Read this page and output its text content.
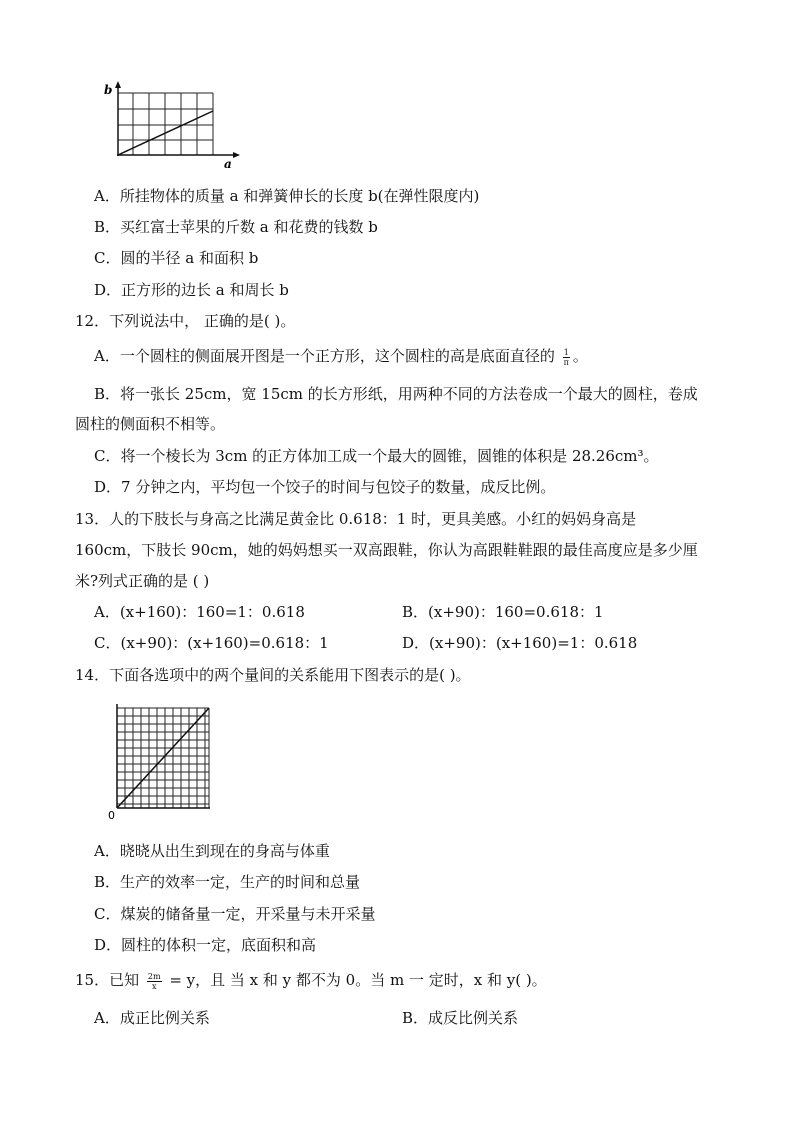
b
a
A．所挂物体的质量 a 和弹簧伸长的长度 b(在弹性限度内)
B．买红富士苹果的斤数 a 和花费的钱数 b
C．圆的半径 a 和面积 b
D．正方形的边长 a 和周长 b
12．下列说法中， 正确的是( )。
A．一个圆柱的侧面展开图是一个正方形，这个圆柱的高是底面直径的 $\frac{1}{\pi}$ 。
B．将一张长 25cm，宽 15cm 的长方形纸，用两种不同的方法卷成一个最大的圆柱，卷成
圆柱的侧面积不相等。
C．将一个棱长为 3cm 的正方体加工成一个最大的圆锥，圆锥的体积是 28.26cm³。
D．7 分钟之内，平均包一个饺子的时间与包饺子的数量，成反比例。
13．人的下肢长与身高之比满足黄金比 0.618：1 时，更具美感。小红的妈妈身高是
160cm，下肢长 90cm，她的妈妈想买一双高跟鞋，你认为高跟鞋鞋跟的最佳高度应是多少厘
米?列式正确的是 ( )
A．(x+160)：160=1：0.618	B．(x+90)：160=0.618：1
C．(x+90)：(x+160)=0.618：1	D．(x+90)：(x+160)=1：0.618
14．下面各选项中的两个量间的关系能用下图表示的是( )。
0
A．晓晓从出生到现在的身高与体重
B．生产的效率一定，生产的时间和总量
C．煤炭的储备量一定，开采量与未开采量
D．圆柱的体积一定，底面积和高
15．已知 $\frac{2m}{x} = y$，且 当 x 和 y 都不为 0。当 m 一 定时，x 和 y( )。
A．成正比例关系	B．成反比例关系
